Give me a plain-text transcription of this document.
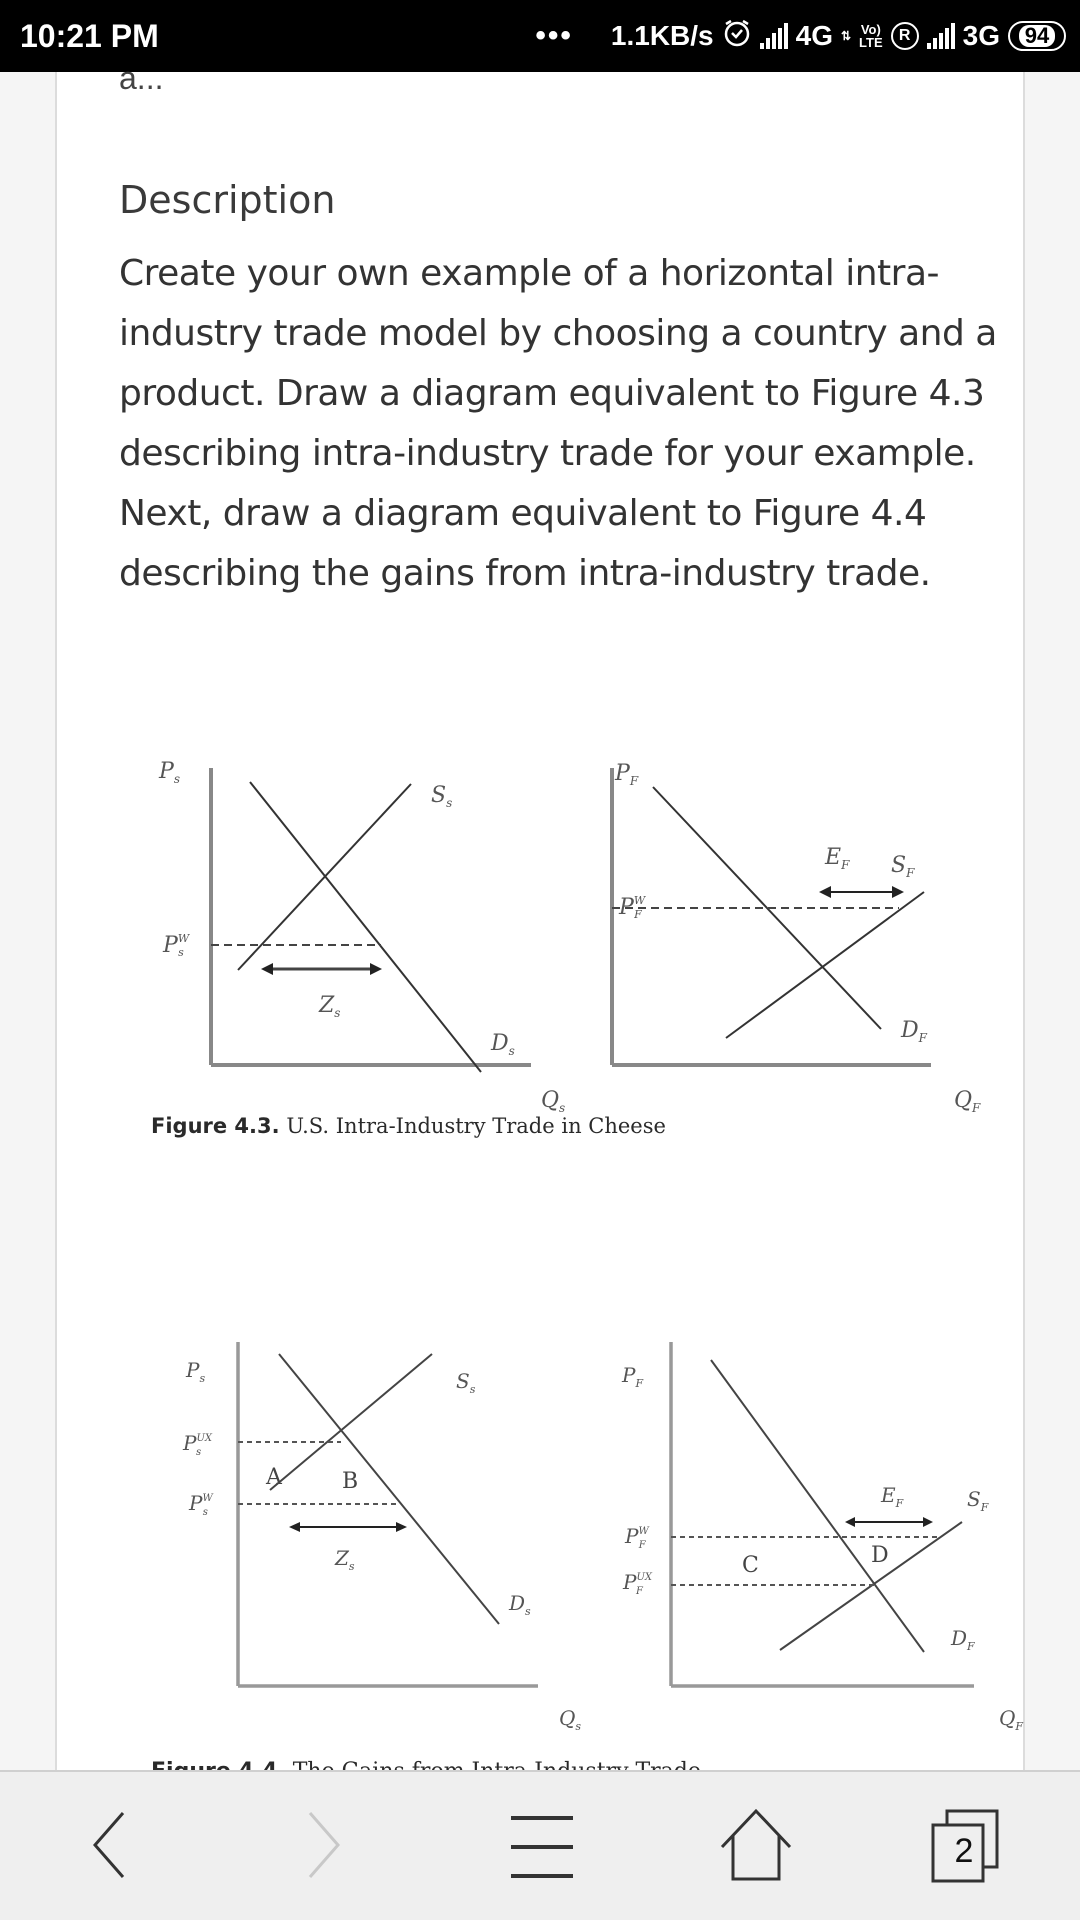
10:21 PM	••• 1.1KB/s	4G ⇅ Vo)
LTE	R 3G 94
a...
Description
Create your own example of a horizontal intra-industry trade model by choosing a country and a product. Draw a diagram equivalent to Figure 4.3 describing intra-industry trade for your example. Next, draw a diagram equivalent to Figure 4.4 describing the gains from intra-industry trade.
$P_s$
$P^W$ s
$S_s$
$D_s$
$Z_s$
$Q_s$
$P_F$
$P^W$ F
$S_F$
$E_F$
$D_F$
$Q_F$
Figure 4.3. U.S. Intra-Industry Trade in Cheese
$P_s$
$P^{UX}$ s
$P^W$ s
A	B
$S_s$
$D_s$
$Z_s$
$Q_s$
$P_F$
$P^W$ F
$P^{UX}$ F
C	D
$E_F$	$S_F$
$D_F$
$Q_F$
2
